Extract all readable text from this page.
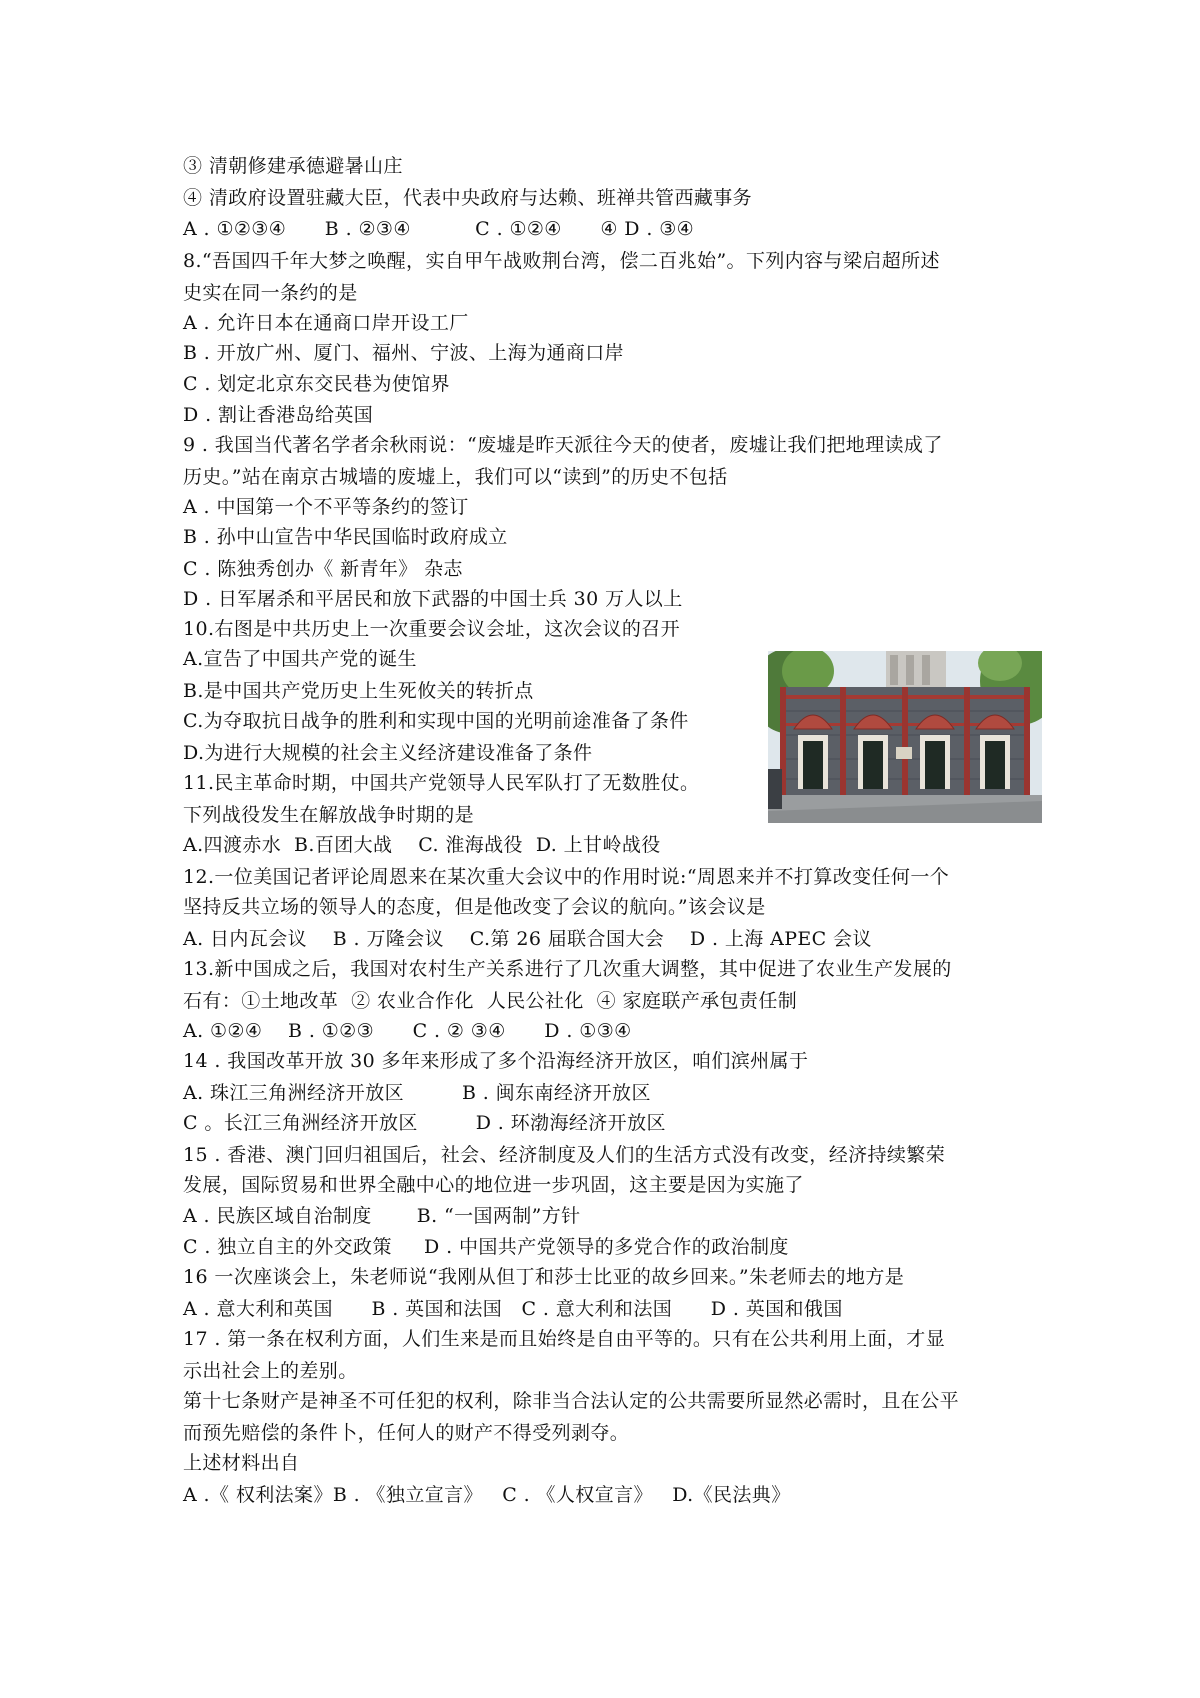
③ 清朝修建承德避暑山庄
④ 清政府设置驻藏大臣，代表中央政府与达赖、班禅共管西藏事务
A . ①②③④      B . ②③④          C . ①②④      ④ D . ③④
8.“吾国四千年大梦之唤醒，实自甲午战败荆台湾，偿二百兆始”。下列内容与梁启超所述
史实在同一条约的是
A . 允许日本在通商口岸开设工厂
B . 开放广州、厦门、福州、宁波、上海为通商口岸
C . 划定北京东交民巷为使馆界
D . 割让香港岛给英国
9 . 我国当代著名学者余秋雨说：“废墟是昨天派往今天的使者，废墟让我们把地理读成了
历史。”站在南京古城墙的废墟上，我们可以“读到”的历史不包括
A . 中国第一个不平等条约的签订
B . 孙中山宣告中华民国临时政府成立
C . 陈独秀创办《 新青年》 杂志
D . 日军屠杀和平居民和放下武器的中国士兵 30 万人以上
10.右图是中共历史上一次重要会议会址，这次会议的召开
A.宣告了中国共产党的诞生
B.是中国共产党历史上生死攸关的转折点
C.为夺取抗日战争的胜利和实现中国的光明前途准备了条件
D.为进行大规模的社会主义经济建设准备了条件
11.民主革命时期，中国共产党领导人民军队打了无数胜仗。
下列战役发生在解放战争时期的是
A.四渡赤水  B.百团大战    C. 淮海战役  D. 上甘岭战役
12.一位美国记者评论周恩来在某次重大会议中的作用时说:“周恩来并不打算改变任何一个
坚持反共立场的领导人的态度，但是他改变了会议的航向。”该会议是
A. 日内瓦会议    B . 万隆会议    C.第 26 届联合国大会    D . 上海 APEC 会议
13.新中国成之后，我国对农村生产关系进行了几次重大调整，其中促进了农业生产发展的
石有：①土地改革  ② 农业合作化  人民公社化  ④ 家庭联产承包责任制
A. ①②④    B . ①②③      C . ② ③④      D . ①③④
14 . 我国改革开放 30 多年来形成了多个沿海经济开放区，咱们滨州属于
A. 珠江三角洲经济开放区         B . 闽东南经济开放区
C 。长江三角洲经济开放区         D . 环渤海经济开放区
15 . 香港、澳门回归祖国后，社会、经济制度及人们的生活方式没有改变，经济持续繁荣
发展，国际贸易和世界全融中心的地位进一步巩固，这主要是因为实施了
A . 民族区域自治制度       B. “一国两制”方针
C . 独立自主的外交政策     D . 中国共产党领导的多党合作的政治制度
16 一次座谈会上，朱老师说“我刚从但丁和莎士比亚的故乡回来。”朱老师去的地方是
A . 意大利和英国      B . 英国和法国   C . 意大利和法国      D . 英国和俄国
17 . 第一条在权利方面，人们生来是而且始终是自由平等的。只有在公共利用上面，才显
示出社会上的差别。
第十七条财产是神圣不可任犯的权利，除非当合法认定的公共需要所显然必需时，且在公平
而预先赔偿的条件卜，任何人的财产不得受列剥夺。
上述材料出自
A .《 权利法案》B . 《独立宣言》   C . 《人权宣言》   D.《民法典》
